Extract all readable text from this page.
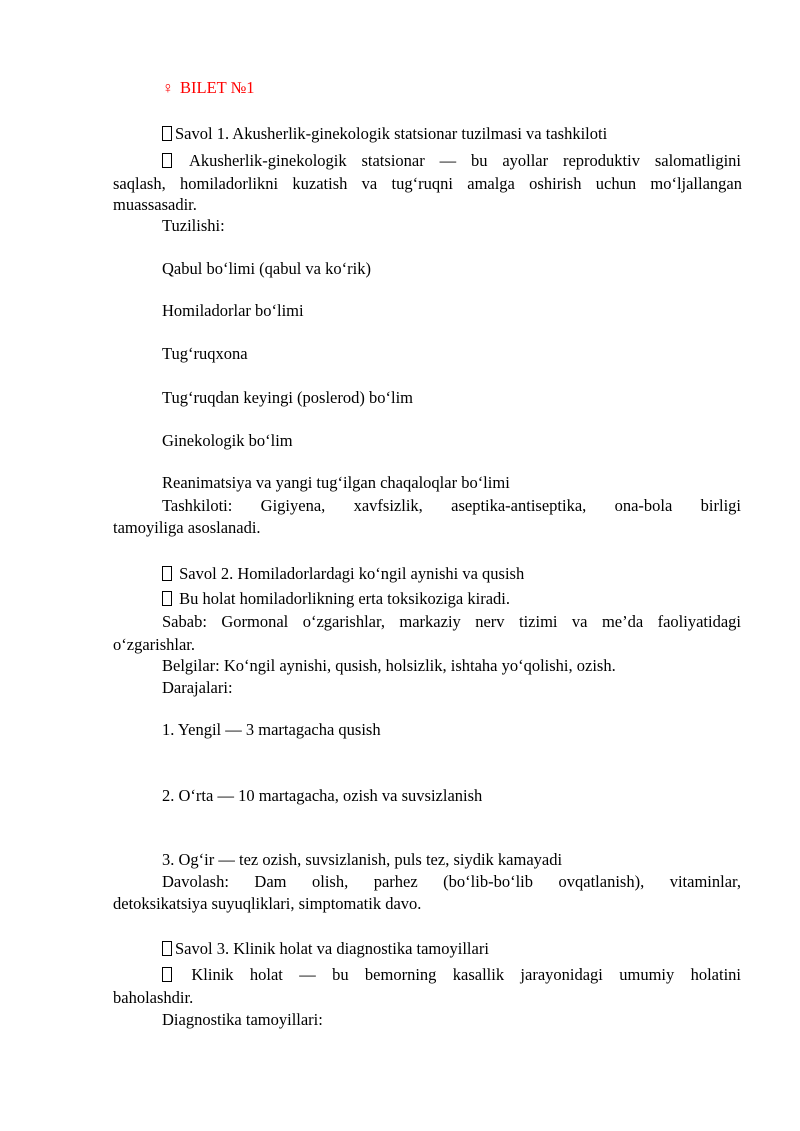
♀ BILET №1
Savol 1. Akusherlik-ginekologik statsionar tuzilmasi va tashkiloti
Akusherlik-ginekologik statsionar — bu ayollar reproduktiv salomatligini
saqlash, homiladorlikni kuzatish va tug‘ruqni amalga oshirish uchun mo‘ljallangan
muassasadir.
Tuzilishi:
Qabul bo‘limi (qabul va ko‘rik)
Homiladorlar bo‘limi
Tug‘ruqxona
Tug‘ruqdan keyingi (poslerod) bo‘lim
Ginekologik bo‘lim
Reanimatsiya va yangi tug‘ilgan chaqaloqlar bo‘limi
Tashkiloti: Gigiyena, xavfsizlik, aseptika-antiseptika, ona-bola birligi
tamoyiliga asoslanadi.
Savol 2. Homiladorlardagi ko‘ngil aynishi va qusish
Bu holat homiladorlikning erta toksikoziga kiradi.
Sabab: Gormonal o‘zgarishlar, markaziy nerv tizimi va me’da faoliyatidagi
o‘zgarishlar.
Belgilar: Ko‘ngil aynishi, qusish, holsizlik, ishtaha yo‘qolishi, ozish.
Darajalari:
1. Yengil — 3 martagacha qusish
2. O‘rta — 10 martagacha, ozish va suvsizlanish
3. Og‘ir — tez ozish, suvsizlanish, puls tez, siydik kamayadi
Davolash: Dam olish, parhez (bo‘lib-bo‘lib ovqatlanish), vitaminlar,
detoksikatsiya suyuqliklari, simptomatik davo.
Savol 3. Klinik holat va diagnostika tamoyillari
Klinik holat — bu bemorning kasallik jarayonidagi umumiy holatini
baholashdir.
Diagnostika tamoyillari:
